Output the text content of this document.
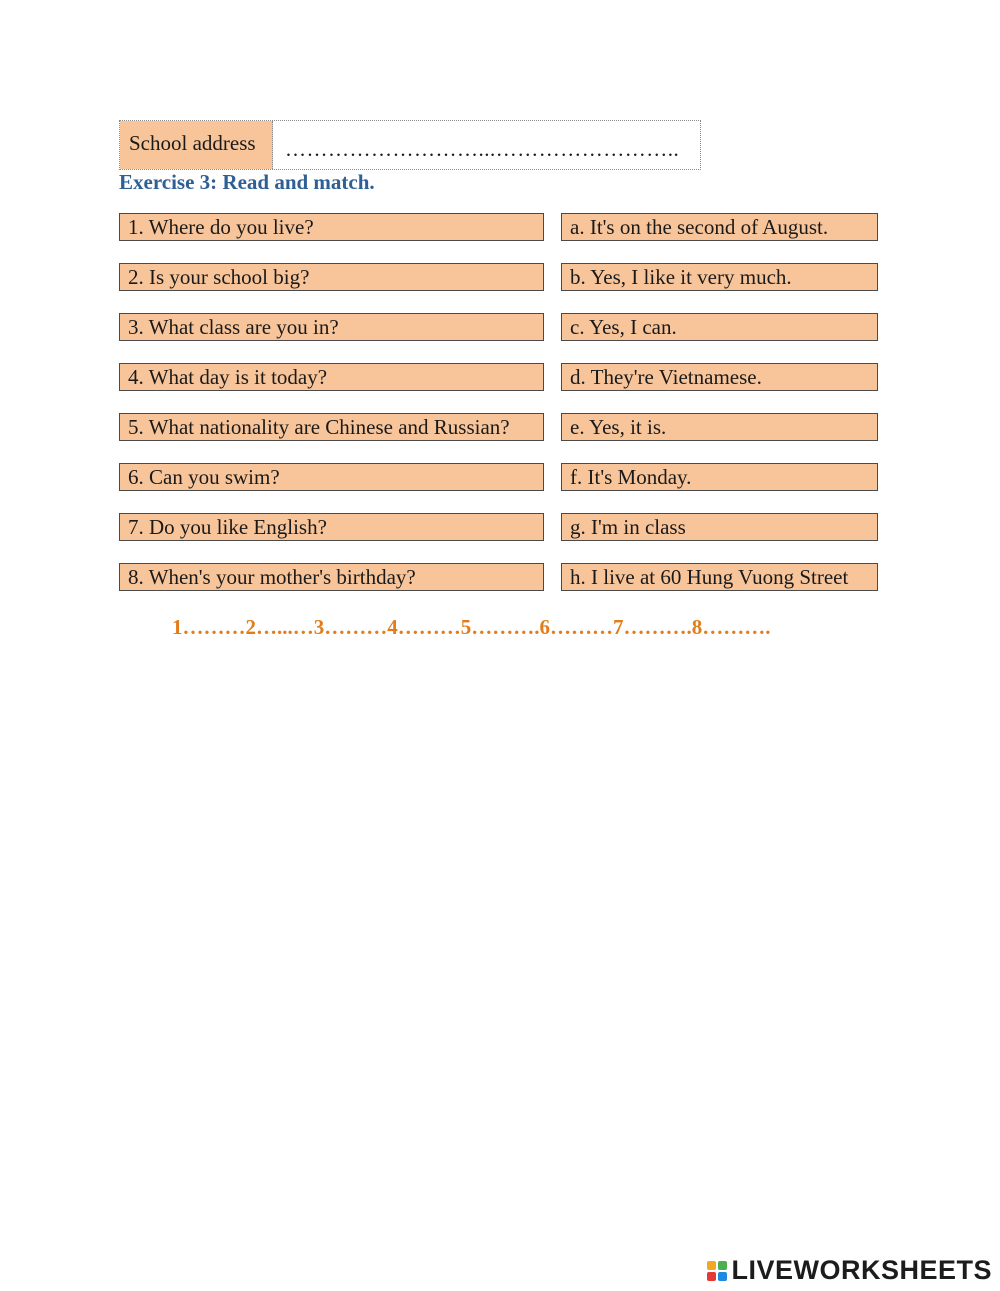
School address	………………………...……………………..
Exercise 3: Read and match.
1. Where do you live?
2. Is your school big?
3. What class are you in?
4. What day is it today?
5. What nationality are Chinese and Russian?
6. Can you swim?
7. Do you like English?
8. When's your mother's birthday?
a. It's on the second of August.
b. Yes, I like it very much.
c. Yes, I can.
d. They're Vietnamese.
e. Yes, it is.
f. It's Monday.
g. I'm in class
h. I live at 60 Hung Vuong Street
1………2…...…3………4………5……….6………7……….8……….
LIVEWORKSHEETS
